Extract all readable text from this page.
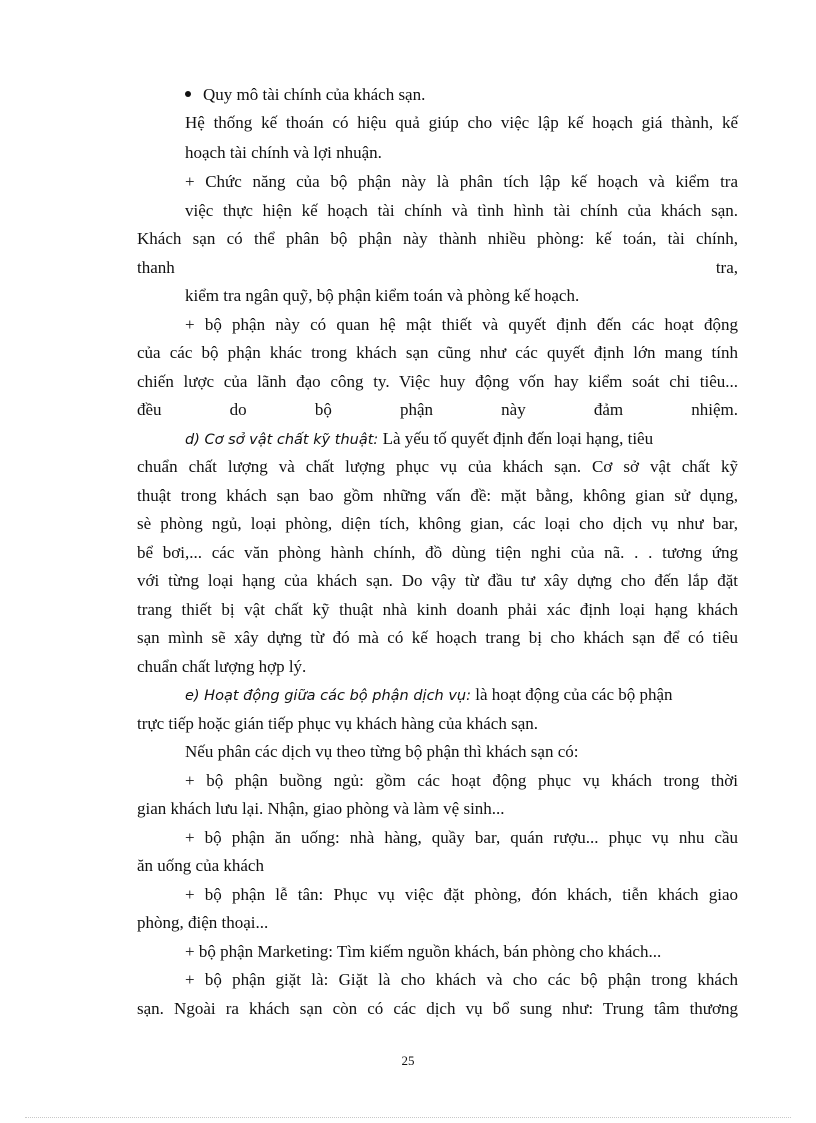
Quy mô tài chính của khách sạn.
Hệ thống kế thoán có hiệu quả giúp cho việc lập kế hoạch giá thành, kế
hoạch tài chính và lợi nhuận.
+ Chức năng của bộ phận này là phân tích lập kế hoạch và kiểm tra
việc thực hiện kế hoạch tài chính và tình hình tài chính của khách sạn.
Khách sạn có thể phân bộ phận này thành nhiều phòng: kế toán, tài chính,
thanh	tra,
kiểm tra ngân quỹ, bộ phận kiểm toán và phòng kế hoạch.
+ bộ phận này có quan hệ mật thiết và quyết định đến các hoạt động
của các bộ phận khác trong khách sạn cũng như các quyết định lớn mang tính
chiến lược của lãnh đạo công ty. Việc huy động vốn hay kiểm soát chi tiêu...
đều do bộ phận này đảm nhiệm.
d) Cơ sở vật chất kỹ thuật: Là yếu tố quyết định đến loại hạng, tiêu
chuẩn chất lượng và chất lượng phục vụ của khách sạn. Cơ sở vật chất kỹ
thuật trong khách sạn bao gồm những vấn đề: mặt bằng, không gian sử dụng,
sè phòng ngủ, loại phòng, diện tích, không gian, các loại cho dịch vụ như bar,
bể bơi,... các văn phòng hành chính, đồ dùng tiện nghi của nã. . . tương ứng
với từng loại hạng của khách sạn. Do vậy từ đầu tư xây dựng cho đến lắp đặt
trang thiết bị vật chất kỹ thuật nhà kinh doanh phải xác định loại hạng khách
sạn mình sẽ xây dựng từ đó mà có kế hoạch trang bị cho khách sạn để có tiêu
chuẩn chất lượng hợp lý.
e) Hoạt động giữa các bộ phận dịch vụ: là hoạt động của các bộ phận
trực tiếp hoặc gián tiếp phục vụ khách hàng của khách sạn.
Nếu phân các dịch vụ theo từng bộ phận thì khách sạn có:
+ bộ phận buồng ngủ: gồm các hoạt động phục vụ khách trong thời
gian khách lưu lại. Nhận, giao phòng và làm vệ sinh...
+ bộ phận ăn uống: nhà hàng, quầy bar, quán rượu... phục vụ nhu cầu
ăn uống của khách
+ bộ phận lễ tân: Phục vụ việc đặt phòng, đón khách, tiễn khách giao
phòng, điện thoại...
+ bộ phận Marketing: Tìm kiếm nguồn khách, bán phòng cho khách...
+ bộ phận giặt là: Giặt là cho khách và cho các bộ phận trong khách
sạn. Ngoài ra khách sạn còn có các dịch vụ bổ sung như: Trung tâm thương
25
